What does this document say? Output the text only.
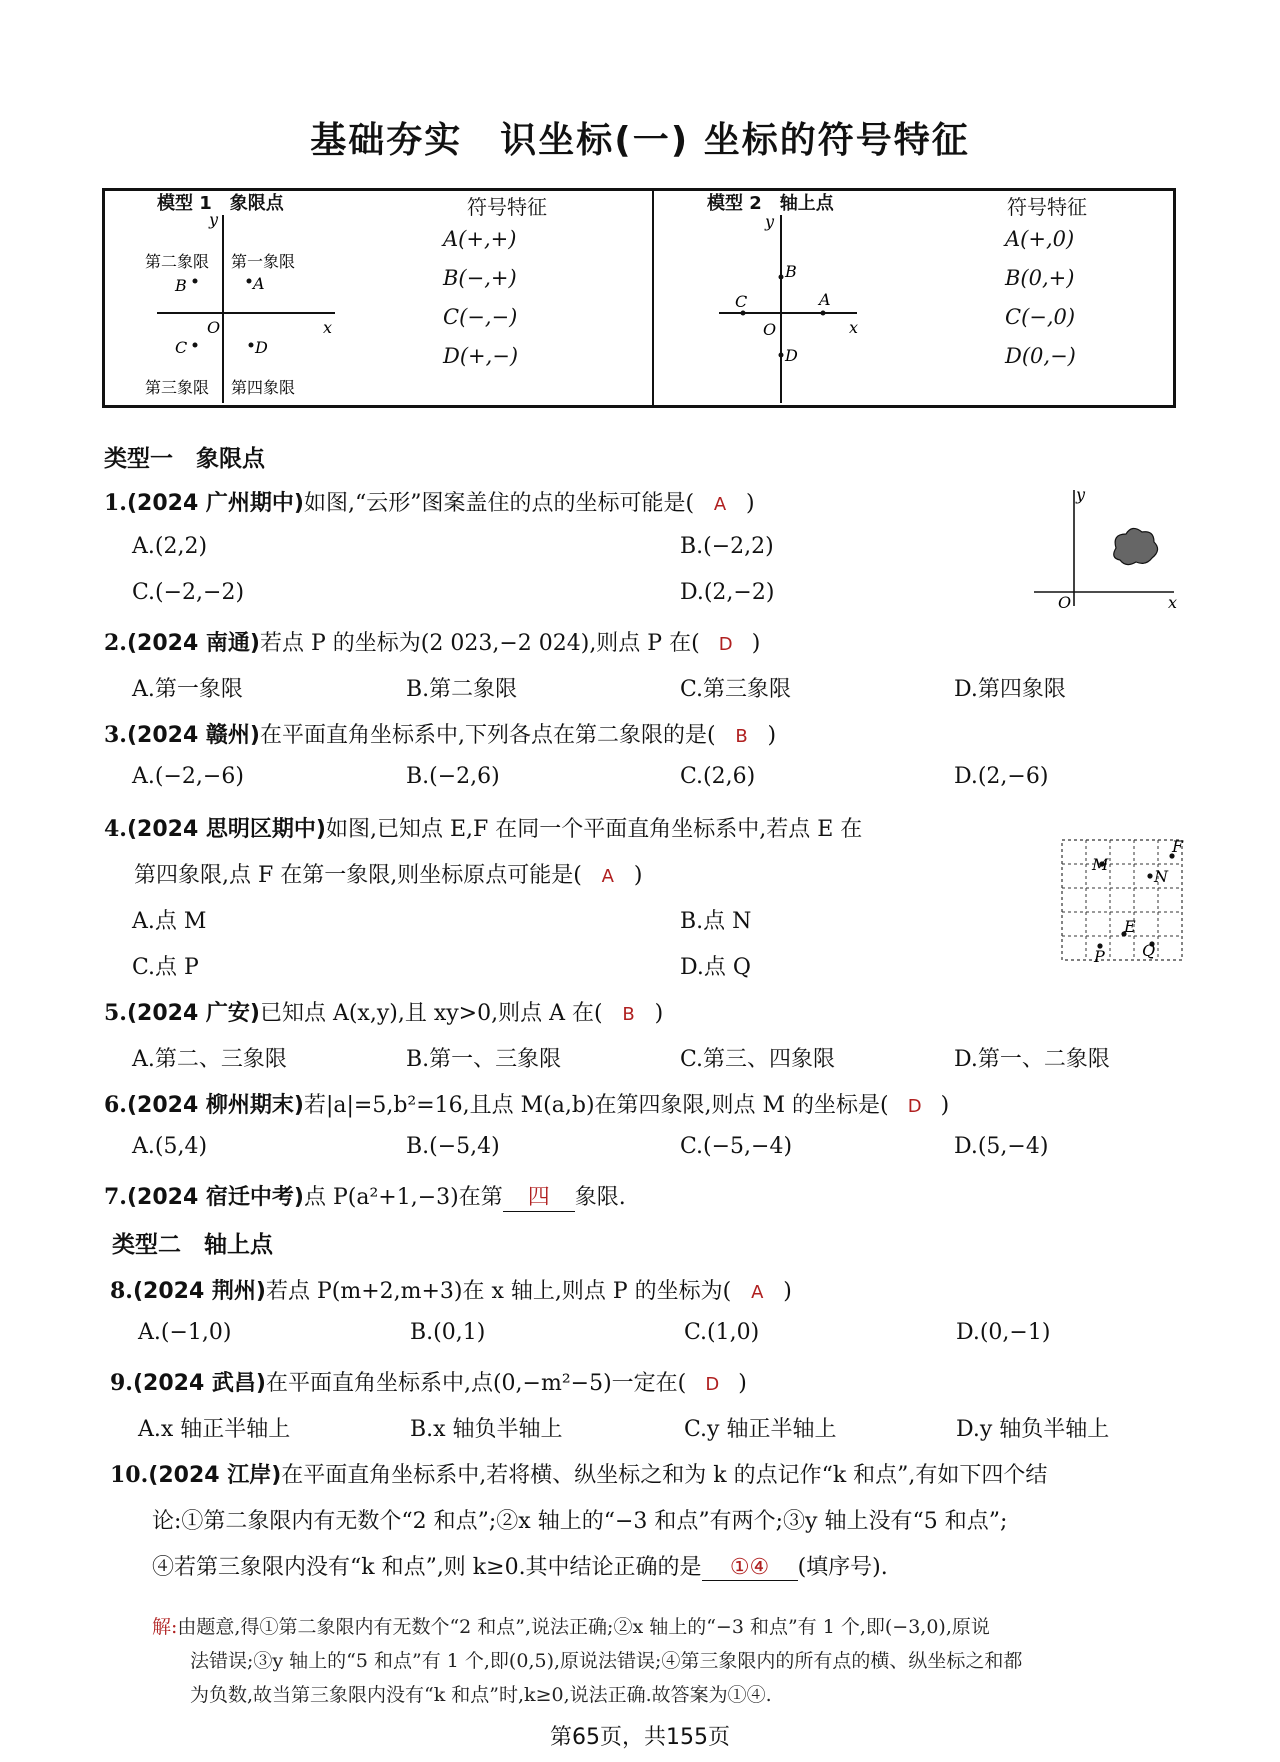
基础夯实　识坐标(一) 坐标的符号特征
模型 1　象限点	符号特征
y
x
O
第二象限 第一象限
第三象限 第四象限
B	A
C	D
A(+,+)
B(−,+)
C(−,−)
D(+,−)
模型 2　轴上点	符号特征
y
x
O
B
A
C
D
A(+,0)
B(0,+)
C(−,0)
D(0,−)
类型一　象限点
1.(2024 广州期中)如图,“云形”图案盖住的点的坐标可能是( A )
A.(2,2)	B.(−2,2)
C.(−2,−2)	D.(2,−2)
y
x
O
2.(2024 南通)若点 P 的坐标为(2 023,−2 024),则点 P 在( D )
A.第一象限	B.第二象限	C.第三象限	D.第四象限
3.(2024 赣州)在平面直角坐标系中,下列各点在第二象限的是( B )
A.(−2,−6)	B.(−2,6)	C.(2,6)	D.(2,−6)
4.(2024 思明区期中)如图,已知点 E,F 在同一个平面直角坐标系中,若点 E 在
第四象限,点 F 在第一象限,则坐标原点可能是( A )
A.点 M	B.点 N
C.点 P	D.点 Q
M
F
N
E
P Q
5.(2024 广安)已知点 A(x,y),且 xy>0,则点 A 在( B )
A.第二、三象限	B.第一、三象限	C.第三、四象限	D.第一、二象限
6.(2024 柳州期末)若|a|=5,b²=16,且点 M(a,b)在第四象限,则点 M 的坐标是( D )
A.(5,4)	B.(−5,4)	C.(−5,−4)	D.(5,−4)
7.(2024 宿迁中考)点 P(a²+1,−3)在第 四 象限.
类型二　轴上点
8.(2024 荆州)若点 P(m+2,m+3)在 x 轴上,则点 P 的坐标为( A )
A.(−1,0)	B.(0,1)	C.(1,0)	D.(0,−1)
9.(2024 武昌)在平面直角坐标系中,点(0,−m²−5)一定在( D )
A.x 轴正半轴上	B.x 轴负半轴上	C.y 轴正半轴上	D.y 轴负半轴上
10.(2024 江岸)在平面直角坐标系中,若将横、纵坐标之和为 k 的点记作“k 和点”,有如下四个结
论:①第二象限内有无数个“2 和点”;②x 轴上的“−3 和点”有两个;③y 轴上没有“5 和点”;
④若第三象限内没有“k 和点”,则 k≥0.其中结论正确的是 ①④ (填序号).
解:由题意,得①第二象限内有无数个“2 和点”,说法正确;②x 轴上的“−3 和点”有 1 个,即(−3,0),原说
法错误;③y 轴上的“5 和点”有 1 个,即(0,5),原说法错误;④第三象限内的所有点的横、纵坐标之和都
为负数,故当第三象限内没有“k 和点”时,k≥0,说法正确.故答案为①④.
第65页，共155页
